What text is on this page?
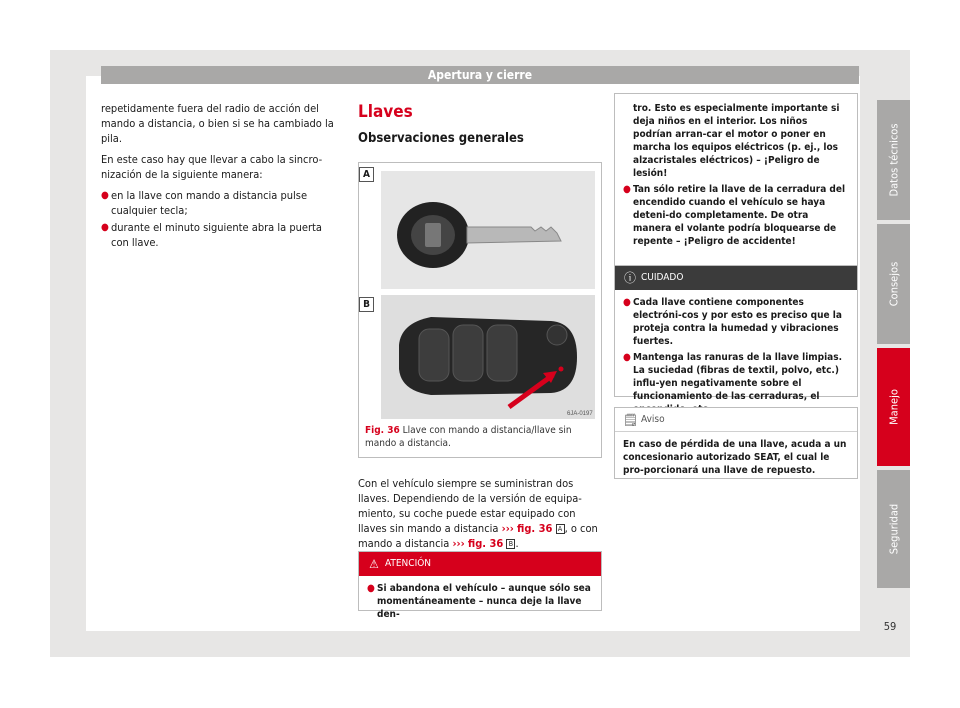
Apertura y cierre

repetidamente fuera del radio de acción del mando a distancia, o bien si se ha cambiado la pila.

En este caso hay que llevar a cabo la sincro-nización de la siguiente manera:

● en la llave con mando a distancia pulse cualquier tecla;
● durante el minuto siguiente abra la puerta con llave.
Llaves
Observaciones generales
A
6JA-0197
B
Fig. 36 Llave con mando a distancia/llave sin mando a distancia.
Con el vehículo siempre se suministran dos llaves. Dependiendo de la versión de equipa-miento, su coche puede estar equipado con llaves sin mando a distancia ››› fig. 36 A , o con mando a distancia ››› fig. 36 B .
⚠ ATENCIÓN
● Si abandona el vehículo – aunque sólo sea momentáneamente – nunca deje la llave den-
tro. Esto es especialmente importante si deja niños en el interior. Los niños podrían arran-car el motor o poner en marcha los equipos eléctricos (p. ej., los alzacristales eléctricos) – ¡Peligro de lesión!
● Tan sólo retire la llave de la cerradura del encendido cuando el vehículo se haya deteni-do completamente. De otra manera el volante podría bloquearse de repente – ¡Peligro de accidente!
ⓘ CUIDADO
● Cada llave contiene componentes electróni-cos y por esto es preciso que la proteja contra la humedad y vibraciones fuertes.
● Mantenga las ranuras de la llave limpias. La suciedad (fibras de textil, polvo, etc.) influ-yen negativamente sobre el funcionamiento de las cerraduras, el
🗒 Aviso
En caso de pérdida de una llave, acuda a un concesionario autorizado SEAT, el cual le pro-porcionará una llave de repuesto.
Datos técnicos
Consejos
Manejo
Seguridad
59
